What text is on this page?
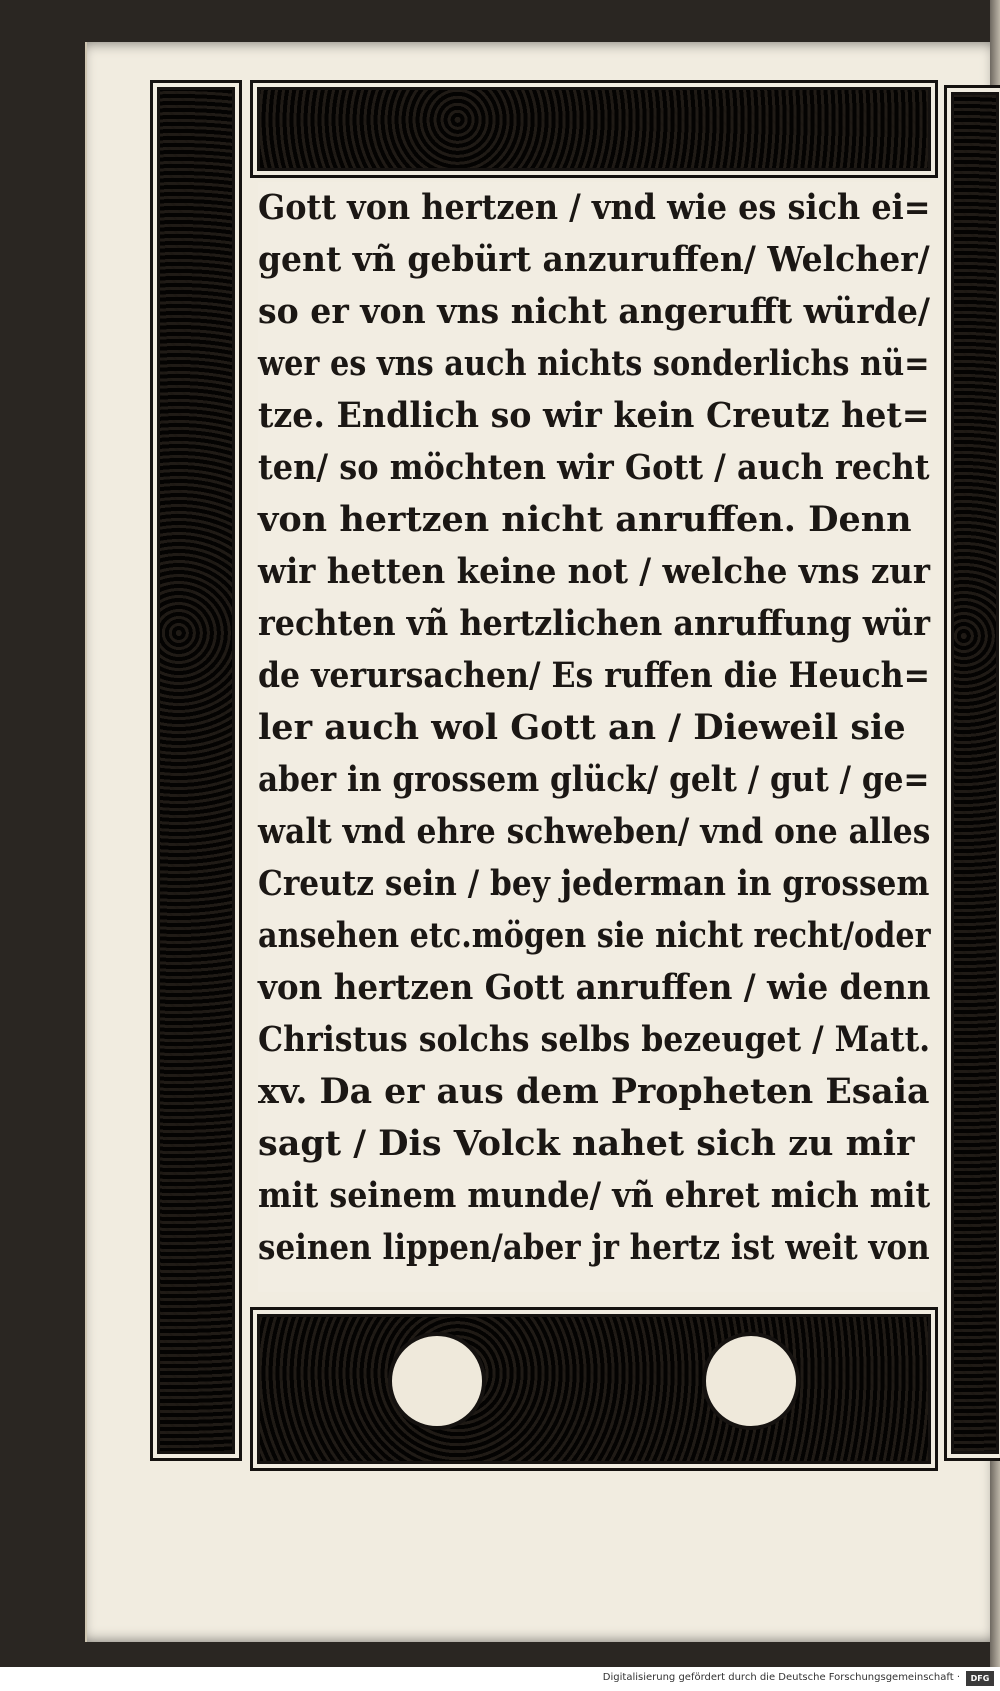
Gott von hertzen / vnd wie es sich ei=
gent vñ gebürt anzuruffen/ Welcher/
so er von vns nicht angerufft würde/
wer es vns auch nichts sonderlichs nü=
tze. Endlich so wir kein Creutz het=
ten/ so möchten wir Gott / auch recht
von hertzen nicht anruffen. Denn
wir hetten keine not / welche vns zur
rechten vñ hertzlichen anruffung wür
de verursachen/ Es ruffen die Heuch=
ler auch wol Gott an / Dieweil sie
aber in grossem glück/ gelt / gut / ge=
walt vnd ehre schweben/ vnd one alles
Creutz sein / bey jederman in grossem
ansehen etc.mögen sie nicht recht/oder
von hertzen Gott anruffen / wie denn
Christus solchs selbs bezeuget / Matt.
xv. Da er aus dem Propheten Esaia
sagt / Dis Volck nahet sich zu mir
mit seinem munde/ vñ ehret mich mit
seinen lippen/aber jr hertz ist weit von
Digitalisierung gefördert durch die Deutsche Forschungsgemeinschaft ·	DFG
